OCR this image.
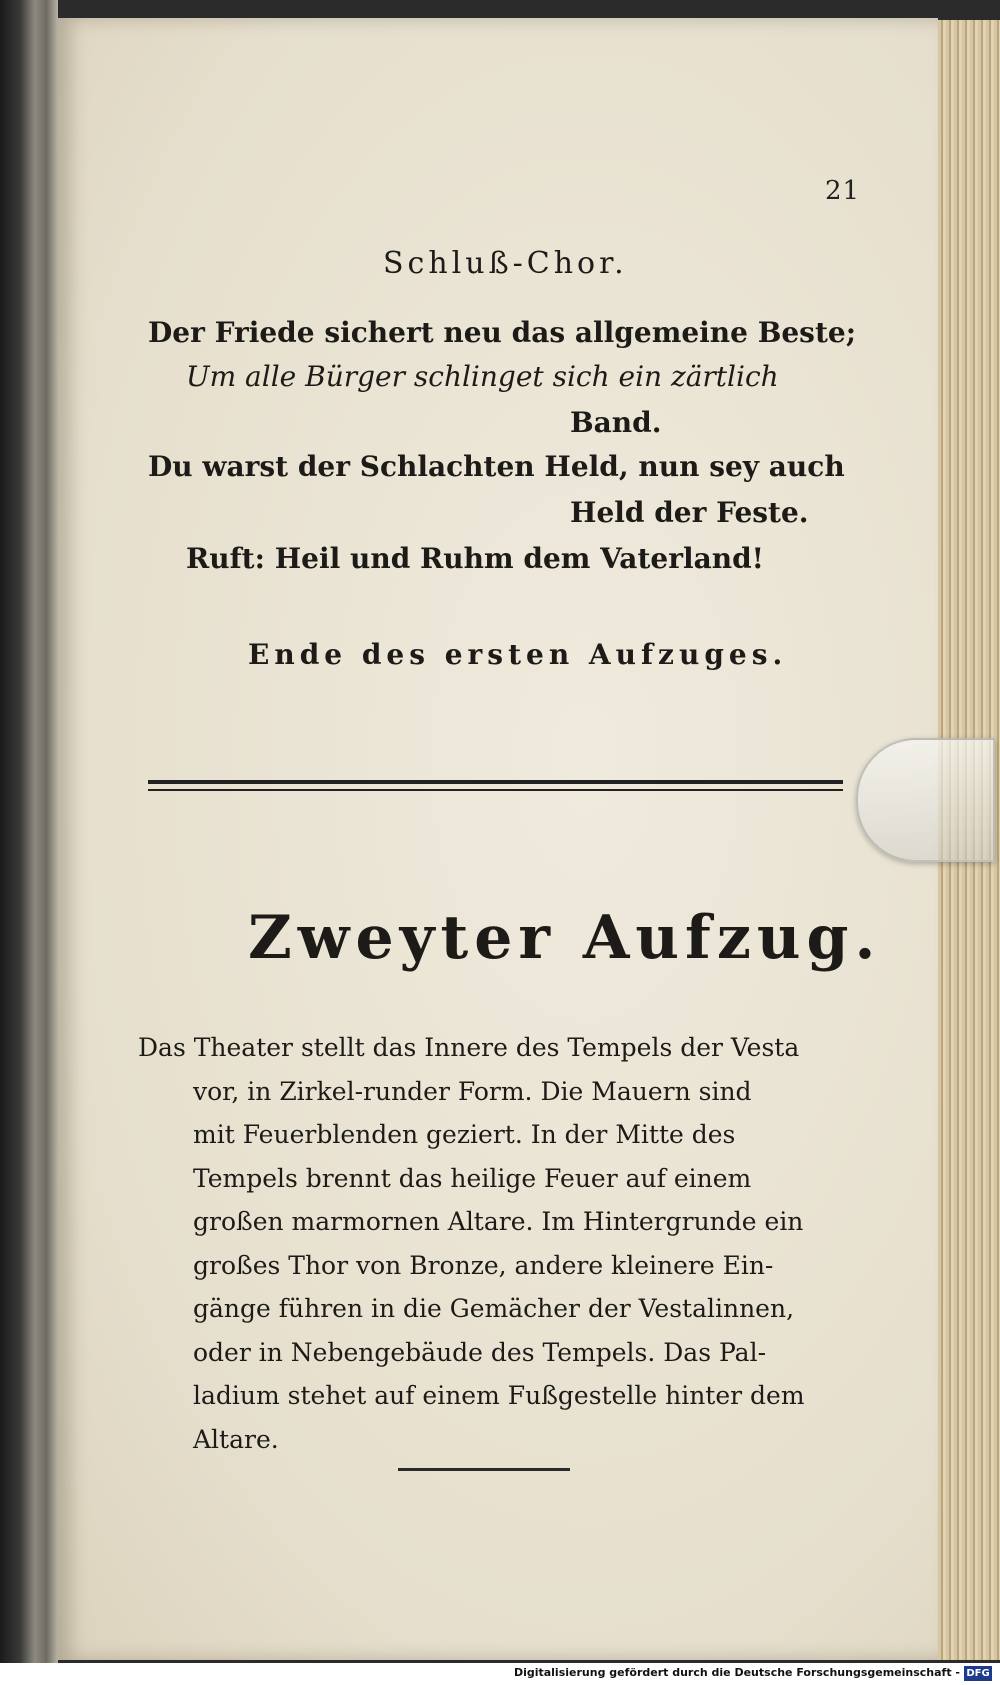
21
Schluß-Chor.
Der Friede sichert neu das allgemeine Beste;
Um alle Bürger schlinget sich ein zärtlich
Band.
Du warst der Schlachten Held, nun sey auch
Held der Feste.
Ruft: Heil und Ruhm dem Vaterland!
Ende des ersten Aufzuges.
Zweyter Aufzug.
Das Theater stellt das Innere des Tempels der Vesta
vor, in Zirkel-runder Form. Die Mauern sind
mit Feuerblenden geziert. In der Mitte des
Tempels brennt das heilige Feuer auf einem
großen marmornen Altare. Im Hintergrunde ein
großes Thor von Bronze, andere kleinere Ein-
gänge führen in die Gemächer der Vestalinnen,
oder in Nebengebäude des Tempels. Das Pal-
ladium stehet auf einem Fußgestelle hinter dem
Altare.
Digitalisierung gefördert durch die Deutsche Forschungsgemeinschaft - DFG
